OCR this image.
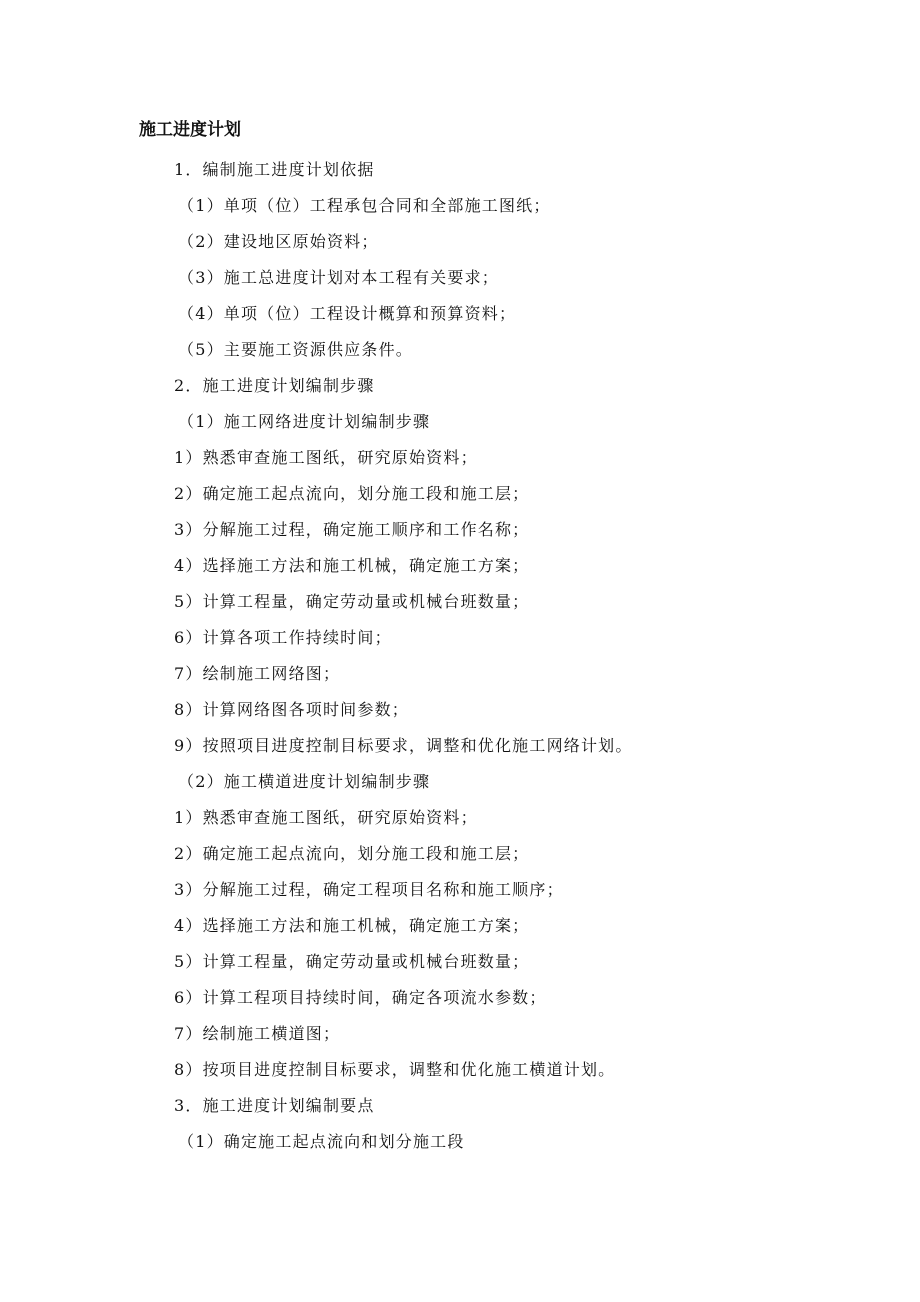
施工进度计划
1．编制施工进度计划依据
（1）单项（位）工程承包合同和全部施工图纸；
（2）建设地区原始资料；
（3）施工总进度计划对本工程有关要求；
（4）单项（位）工程设计概算和预算资料；
（5）主要施工资源供应条件。
2．施工进度计划编制步骤
（1）施工网络进度计划编制步骤
1）熟悉审查施工图纸，研究原始资料；
2）确定施工起点流向，划分施工段和施工层；
3）分解施工过程，确定施工顺序和工作名称；
4）选择施工方法和施工机械，确定施工方案；
5）计算工程量，确定劳动量或机械台班数量；
6）计算各项工作持续时间；
7）绘制施工网络图；
8）计算网络图各项时间参数；
9）按照项目进度控制目标要求，调整和优化施工网络计划。
（2）施工横道进度计划编制步骤
1）熟悉审查施工图纸，研究原始资料；
2）确定施工起点流向，划分施工段和施工层；
3）分解施工过程，确定工程项目名称和施工顺序；
4）选择施工方法和施工机械，确定施工方案；
5）计算工程量，确定劳动量或机械台班数量；
6）计算工程项目持续时间，确定各项流水参数；
7）绘制施工横道图；
8）按项目进度控制目标要求，调整和优化施工横道计划。
3．施工进度计划编制要点
（1）确定施工起点流向和划分施工段
